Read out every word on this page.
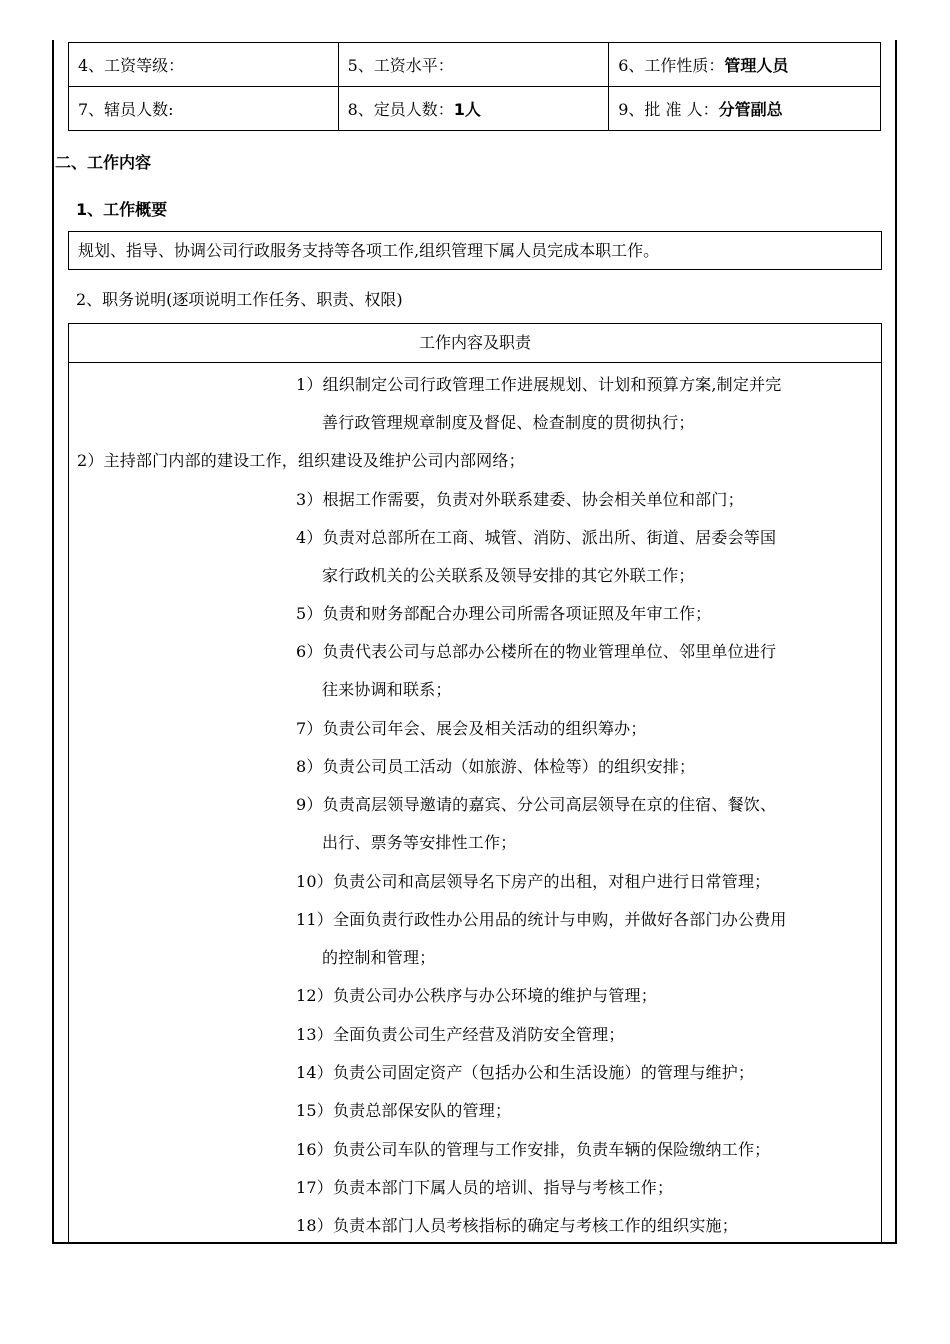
4、工资等级：	5、工资水平：	6、工作性质：管理人员
7、辖员人数:	8、定员人数：1人	9、批 准 人：分管副总
二、工作内容
1、工作概要
规划、指导、协调公司行政服务支持等各项工作,组织管理下属人员完成本职工作。
2、职务说明(逐项说明工作任务、职责、权限)
工作内容及职责
1）组织制定公司行政管理工作进展规划、计划和预算方案,制定并完
善行政管理规章制度及督促、检查制度的贯彻执行；
2）主持部门内部的建设工作，组织建设及维护公司内部网络；
3）根据工作需要，负责对外联系建委、协会相关单位和部门；
4）负责对总部所在工商、城管、消防、派出所、街道、居委会等国
家行政机关的公关联系及领导安排的其它外联工作；
5）负责和财务部配合办理公司所需各项证照及年审工作；
6）负责代表公司与总部办公楼所在的物业管理单位、邻里单位进行
往来协调和联系；
7）负责公司年会、展会及相关活动的组织筹办；
8）负责公司员工活动（如旅游、体检等）的组织安排；
9）负责高层领导邀请的嘉宾、分公司高层领导在京的住宿、餐饮、
出行、票务等安排性工作；
10）负责公司和高层领导名下房产的出租，对租户进行日常管理；
11）全面负责行政性办公用品的统计与申购，并做好各部门办公费用
的控制和管理；
12）负责公司办公秩序与办公环境的维护与管理；
13）全面负责公司生产经营及消防安全管理；
14）负责公司固定资产（包括办公和生活设施）的管理与维护；
15）负责总部保安队的管理；
16）负责公司车队的管理与工作安排，负责车辆的保险缴纳工作；
17）负责本部门下属人员的培训、指导与考核工作；
18）负责本部门人员考核指标的确定与考核工作的组织实施；
